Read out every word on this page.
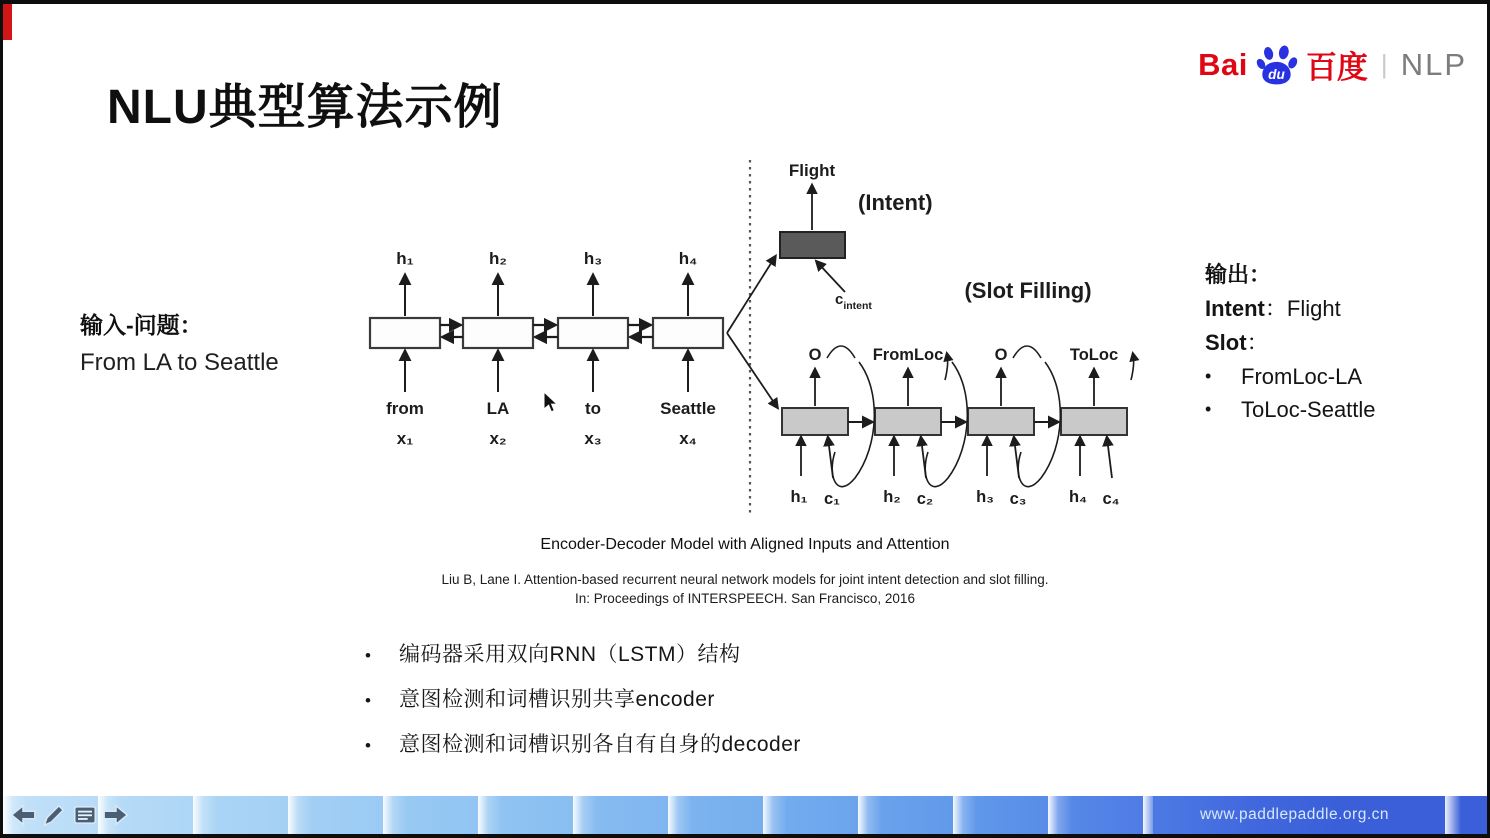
NLU典型算法示例
Bai du 百度 | NLP
输入-问题：
From LA to Seattle
输出：
Intent：Flight
Slot：
•	FromLoc-LA
•	ToLoc-Seattle
h₁	h₂	h₃	h₄
from	LA	to	Seattle
x₁	x₂	x₃	x₄
Flight
(Intent)
$c_{intent}$
(Slot Filling)
O	FromLoc	O	ToLoc
h₁ c₁	h₂ c₂	h₃ c₃	h₄ c₄
Encoder-Decoder Model with Aligned Inputs and Attention
Liu B, Lane I. Attention-based recurrent neural network models for joint intent detection and slot filling.
In: Proceedings of INTERSPEECH. San Francisco, 2016
•	编码器采用双向RNN（LSTM）结构
•	意图检测和词槽识别共享encoder
•	意图检测和词槽识别各自有自身的decoder
www.paddlepaddle.org.cn
